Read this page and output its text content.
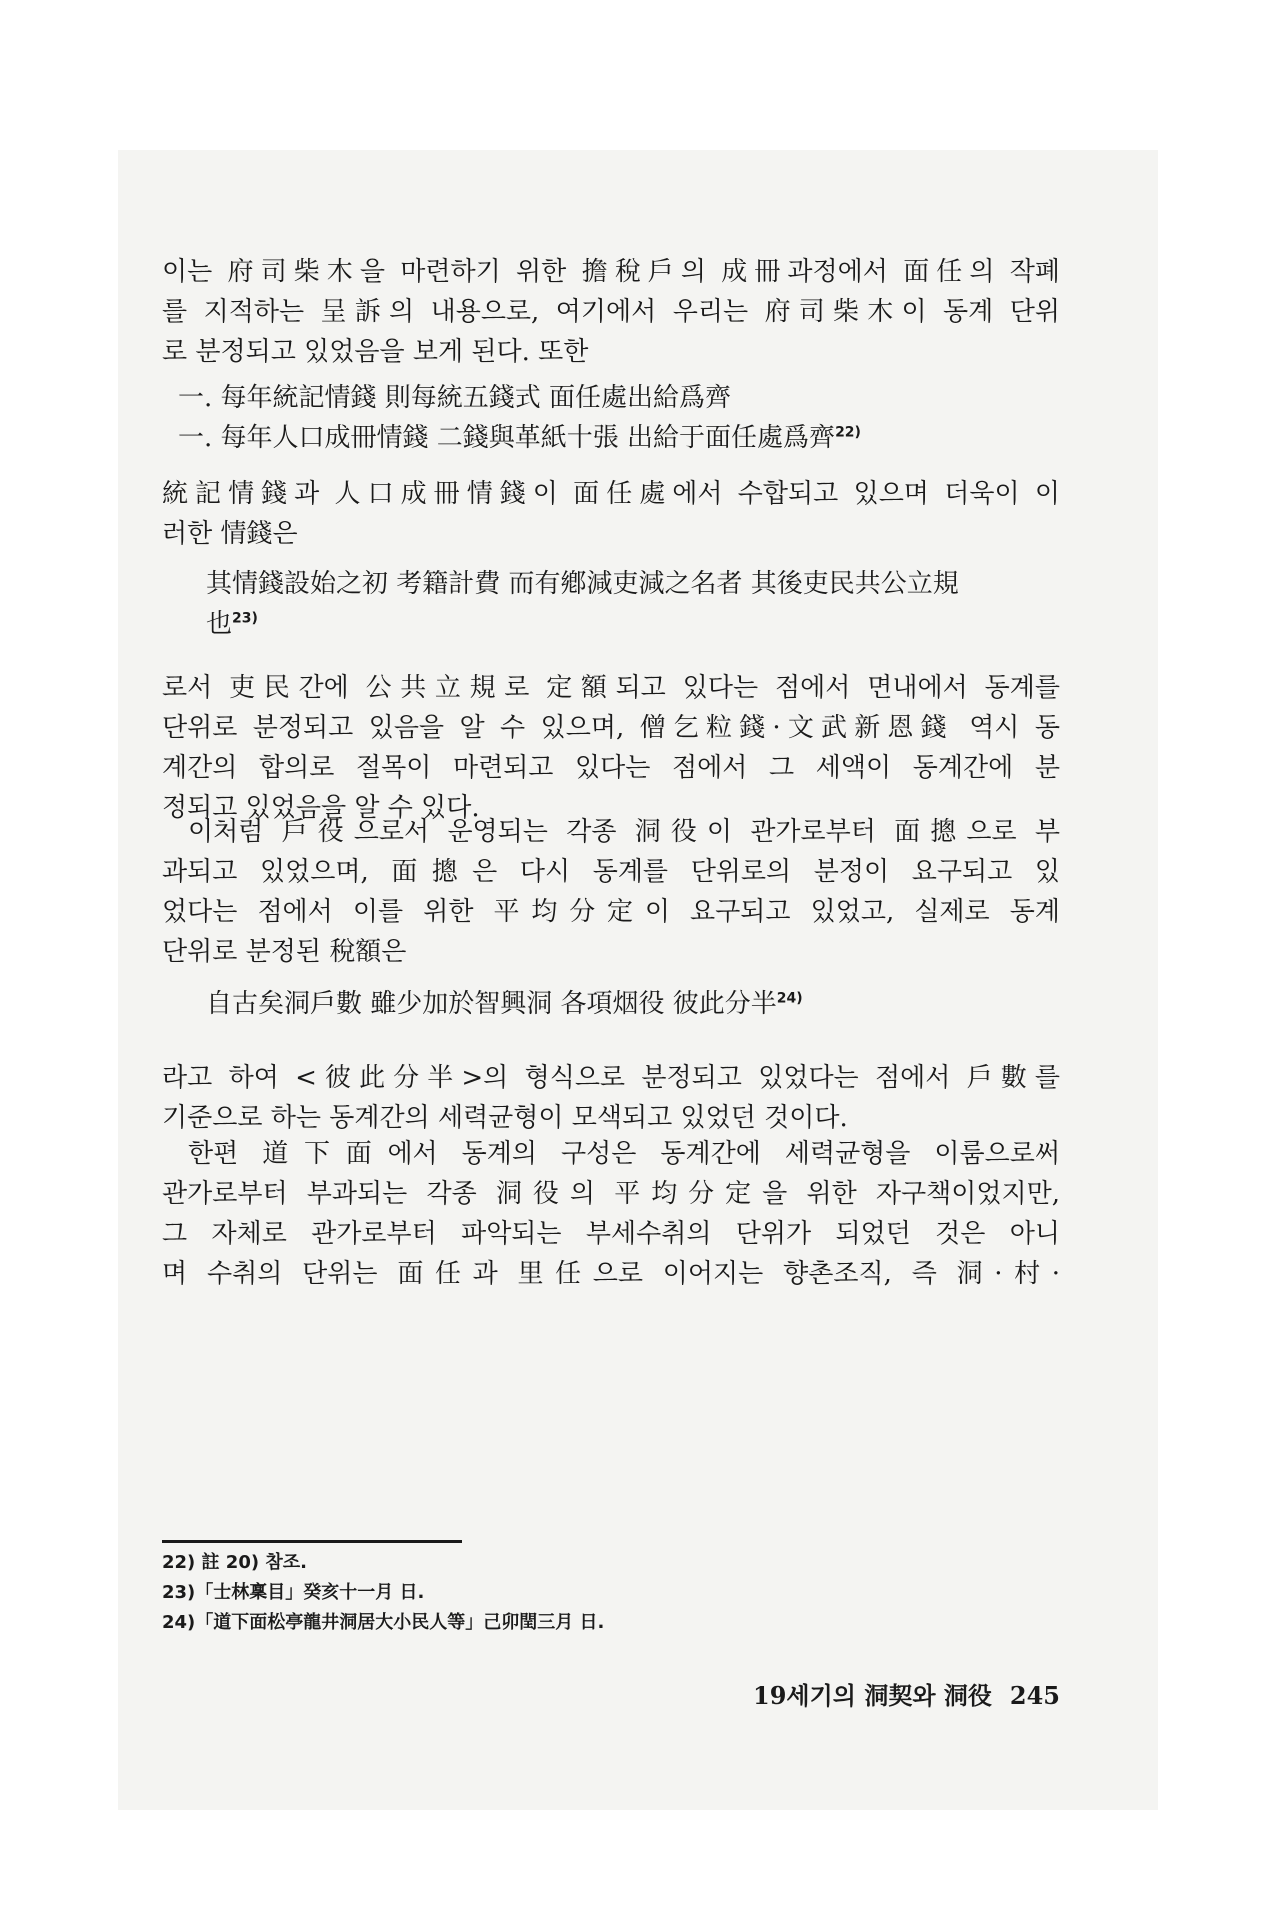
이는 府司柴木을 마련하기 위한 擔稅戶의 成冊과정에서 面任의 작폐
를 지적하는 呈訴의 내용으로, 여기에서 우리는 府司柴木이 동계 단위
로 분정되고 있었음을 보게 된다. 또한
一. 每年統記情錢 則每統五錢式 面任處出給爲齊
一. 每年人口成冊情錢 二錢與革紙十張 出給于面任處爲齊$^{22)}$
統記情錢과 人口成冊情錢이 面任處에서 수합되고 있으며 더욱이 이
러한 情錢은
其情錢設始之初 考籍計費 而有鄕減吏減之名者 其後吏民共公立規
也$^{23)}$
로서 吏民간에 公共立規로 定額되고 있다는 점에서 면내에서 동계를
단위로 분정되고 있음을 알 수 있으며, 僧乞粒錢·文武新恩錢 역시 동
계간의 합의로 절목이 마련되고 있다는 점에서 그 세액이 동계간에 분
정되고 있었음을 알 수 있다.
이처럼 戶役으로서 운영되는 각종 洞役이 관가로부터 面摠으로 부
과되고 있었으며, 面摠은 다시 동계를 단위로의 분정이 요구되고 있
었다는 점에서 이를 위한 平均分定이 요구되고 있었고, 실제로 동계
단위로 분정된 稅額은
自古矣洞戶數 雖少加於智興洞 各項烟役 彼此分半$^{24)}$
라고 하여 <彼此分半>의 형식으로 분정되고 있었다는 점에서 戶數를
기준으로 하는 동계간의 세력균형이 모색되고 있었던 것이다.
한편 道下面에서 동계의 구성은 동계간에 세력균형을 이룸으로써
관가로부터 부과되는 각종 洞役의 平均分定을 위한 자구책이었지만,
그 자체로 관가로부터 파악되는 부세수취의 단위가 되었던 것은 아니
며 수취의 단위는 面任과 里任으로 이어지는 향촌조직, 즉 洞·村·
22) 註 20) 참조.
23)「士林稟目」癸亥十一月 日.
24)「道下面松亭龍井洞居大小民人等」己卯閏三月 日.
19세기의 洞契와 洞役 245
